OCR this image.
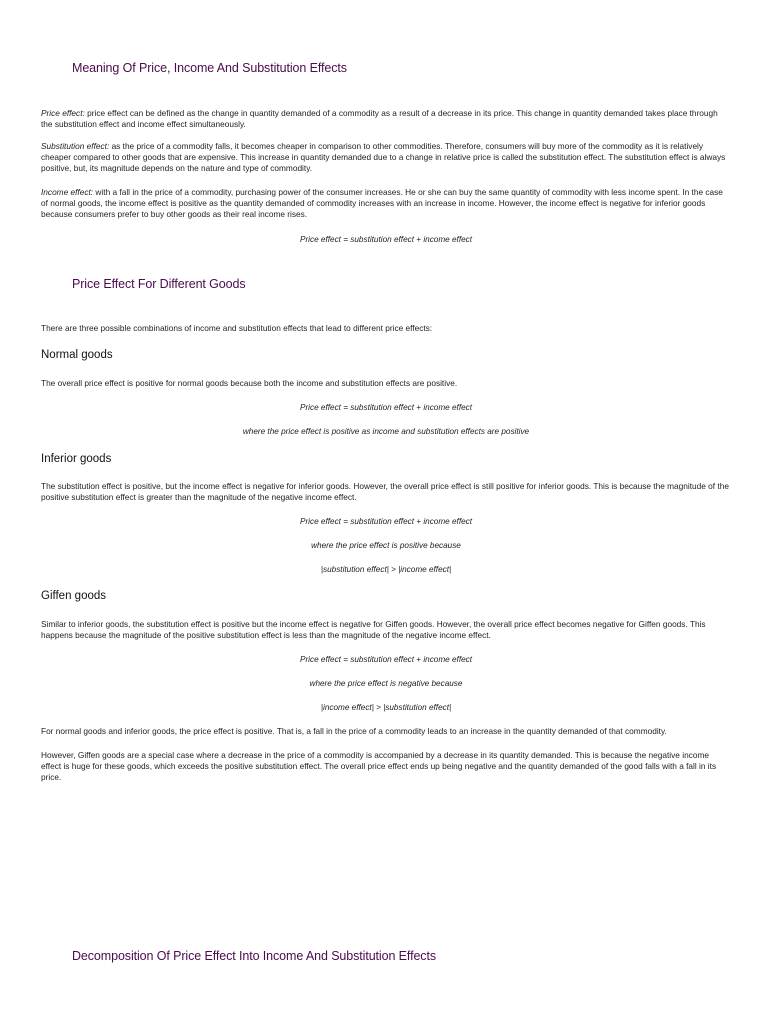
Meaning Of Price, Income And Substitution Effects

Price effect: price effect can be defined as the change in quantity demanded of a commodity as a result of a decrease in its price. This change in quantity demanded takes place through the substitution effect and income effect simultaneously.

Substitution effect: as the price of a commodity falls, it becomes cheaper in comparison to other commodities. Therefore, consumers will buy more of the commodity as it is relatively cheaper compared to other goods that are expensive. This increase in quantity demanded due to a change in relative price is called the substitution effect. The substitution effect is always positive, but, its magnitude depends on the nature and type of commodity.

Income effect: with a fall in the price of a commodity, purchasing power of the consumer increases. He or she can buy the same quantity of commodity with less income spent. In the case of normal goods, the income effect is positive as the quantity demanded of commodity increases with an increase in income. However, the income effect is negative for inferior goods because consumers prefer to buy other goods as their real income rises.

Price effect = substitution effect + income effect

Price Effect For Different Goods

There are three possible combinations of income and substitution effects that lead to different price effects:

Normal goods

The overall price effect is positive for normal goods because both the income and substitution effects are positive.

Price effect = substitution effect + income effect

where the price effect is positive as income and substitution effects are positive

Inferior goods

The substitution effect is positive, but the income effect is negative for inferior goods. However, the overall price effect is still positive for inferior goods. This is because the magnitude of the positive substitution effect is greater than the magnitude of the negative income effect.

Price effect = substitution effect + income effect

where the price effect is positive because

|substitution effect| > |income effect|

Giffen goods

Similar to inferior goods, the substitution effect is positive but the income effect is negative for Giffen goods. However, the overall price effect becomes negative for Giffen goods. This happens because the magnitude of the positive substitution effect is less than the magnitude of the negative income effect.

Price effect = substitution effect + income effect

where the price effect is negative because

|income effect| > |substitution effect|

For normal goods and inferior goods, the price effect is positive. That is, a fall in the price of a commodity leads to an increase in the quantity demanded of that commodity.

However, Giffen goods are a special case where a decrease in the price of a commodity is accompanied by a decrease in its quantity demanded. This is because the negative income effect is huge for these goods, which exceeds the positive substitution effect. The overall price effect ends up being negative and the quantity demanded of the good falls with a fall in its price.

Decomposition Of Price Effect Into Income And Substitution Effects
